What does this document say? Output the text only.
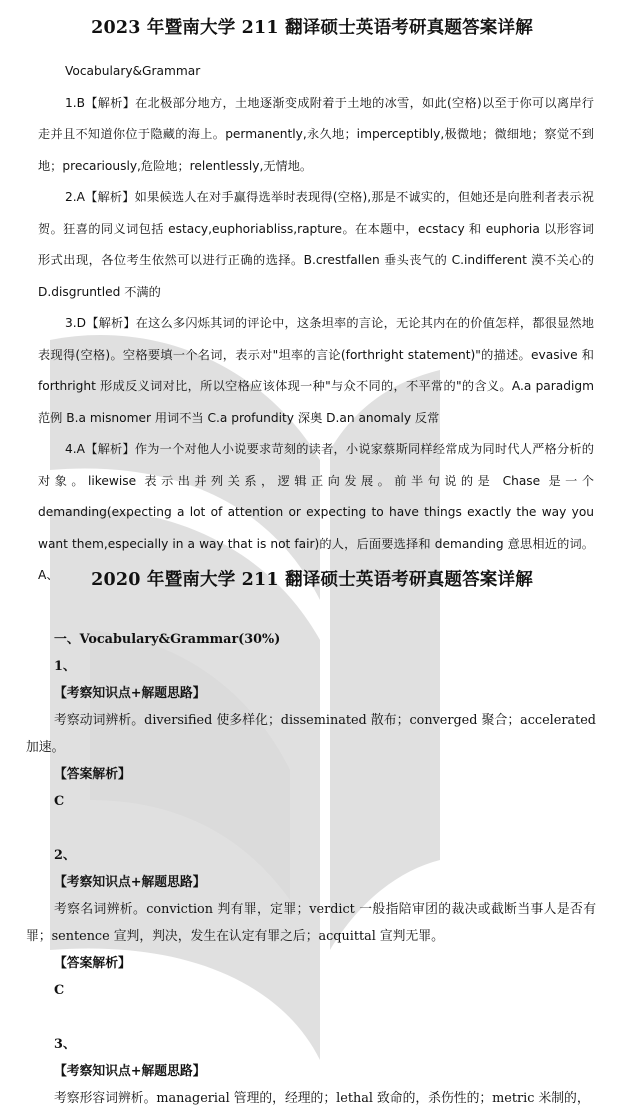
2023 年暨南大学 211 翻译硕士英语考研真题答案详解

Vocabulary&Grammar

1.B【解析】在北极部分地方，土地逐渐变成附着于土地的冰雪，如此(空格)以至于你可以离岸行走并且不知道你位于隐藏的海上。permanently,永久地；imperceptibly,极微地；微细地；察觉不到地；precariously,危险地；relentlessly,无情地。

2.A【解析】如果候选人在对手赢得选举时表现得(空格),那是不诚实的，但她还是向胜利者表示祝贺。狂喜的同义词包括 estacy,euphoriabliss,rapture。在本题中，ecstacy 和 euphoria 以形容词形式出现，各位考生依然可以进行正确的选择。B.crestfallen 垂头丧气的 C.indifferent 漠不关心的 D.disgruntled 不满的

3.D【解析】在这么多闪烁其词的评论中，这条坦率的言论，无论其内在的价值怎样，都很显然地表现得(空格)。空格要填一个名词，表示对"坦率的言论(forthright statement)"的描述。evasive 和 forthright 形成反义词对比，所以空格应该体现一种"与众不同的，不平常的"的含义。A.a paradigm 范例 B.a misnomer 用词不当 C.a profundity 深奥 D.an anomaly 反常

4.A【解析】作为一个对他人小说要求苛刻的读者，小说家蔡斯同样经常成为同时代人严格分析的对象。likewise 表示出并列关系，逻辑正向发展。前半句说的是 Chase 是一个 demanding(expecting a lot of attention or expecting to have things exactly the way you want them,especially in a way that is not fair)的人，后面要选择和 demanding 意思相近的词。A、	2020 年暨南大学 211 翻译硕士英语考研真题答案详解

一、Vocabulary&Grammar(30%)

1、

【考察知识点+解题思路】

考察动词辨析。diversified 使多样化；disseminated 散布；converged 聚合；accelerated 加速。

【答案解析】

C

2、

【考察知识点+解题思路】

考察名词辨析。conviction 判有罪，定罪；verdict 一般指陪审团的裁决或截断当事人是否有罪；sentence 宣判，判决，发生在认定有罪之后；acquittal 宣判无罪。

【答案解析】

C

3、

【考察知识点+解题思路】

考察形容词辨析。managerial 管理的，经理的；lethal 致命的，杀伤性的；metric 米制的，
